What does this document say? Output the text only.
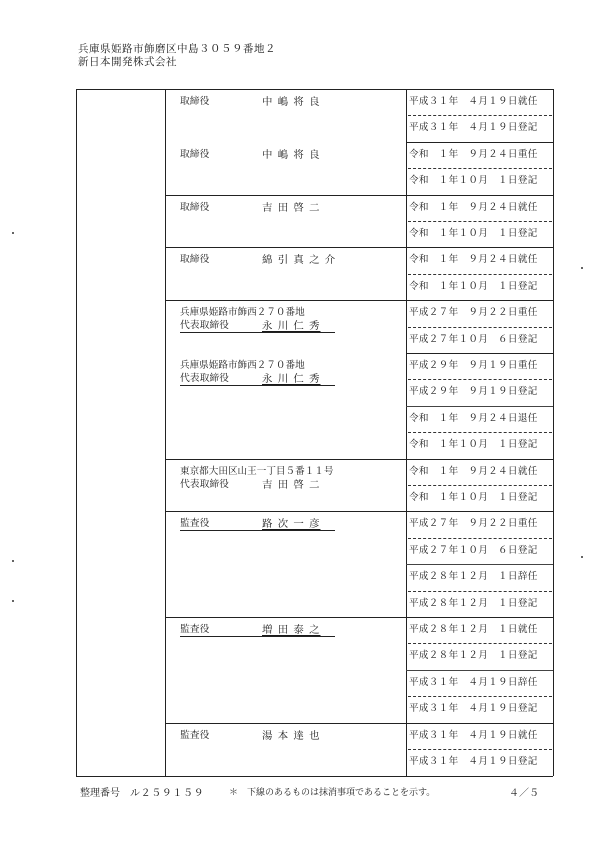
兵庫県姫路市飾磨区中島３０５９番地２
新日本開発株式会社
取締役	中 嶋 将 良	平成３１年　４月１９日就任
平成３１年　４月１９日登記
取締役	中 嶋 将 良	令和　１年　９月２４日重任
令和　１年１０月　１日登記
取締役	吉 田 啓 二	令和　１年　９月２４日就任
令和　１年１０月　１日登記
取締役	綿 引 真 之 介	令和　１年　９月２４日就任
令和　１年１０月　１日登記
兵庫県姫路市飾西２７０番地
代表取締役	永 川 仁 秀
平成２７年　９月２２日重任
平成２７年１０月　６日登記
兵庫県姫路市飾西２７０番地
代表取締役	永 川 仁 秀
平成２９年　９月１９日重任
平成２９年　９月１９日登記
令和　１年　９月２４日退任
令和　１年１０月　１日登記
東京都大田区山王一丁目５番１１号
代表取締役	吉 田 啓 二
令和　１年　９月２４日就任
令和　１年１０月　１日登記
監査役	路 次 一 彦	平成２７年　９月２２日重任
平成２７年１０月　６日登記
平成２８年１２月　１日辞任
平成２８年１２月　１日登記
監査役	増 田 泰 之	平成２８年１２月　１日就任
平成２８年１２月　１日登記
平成３１年　４月１９日辞任
平成３１年　４月１９日登記
監査役	湯 本 達 也	平成３１年　４月１９日就任
平成３１年　４月１９日登記
整理番号 ル２５９１５９	＊　下線のあるものは抹消事項であることを示す。	４／５
